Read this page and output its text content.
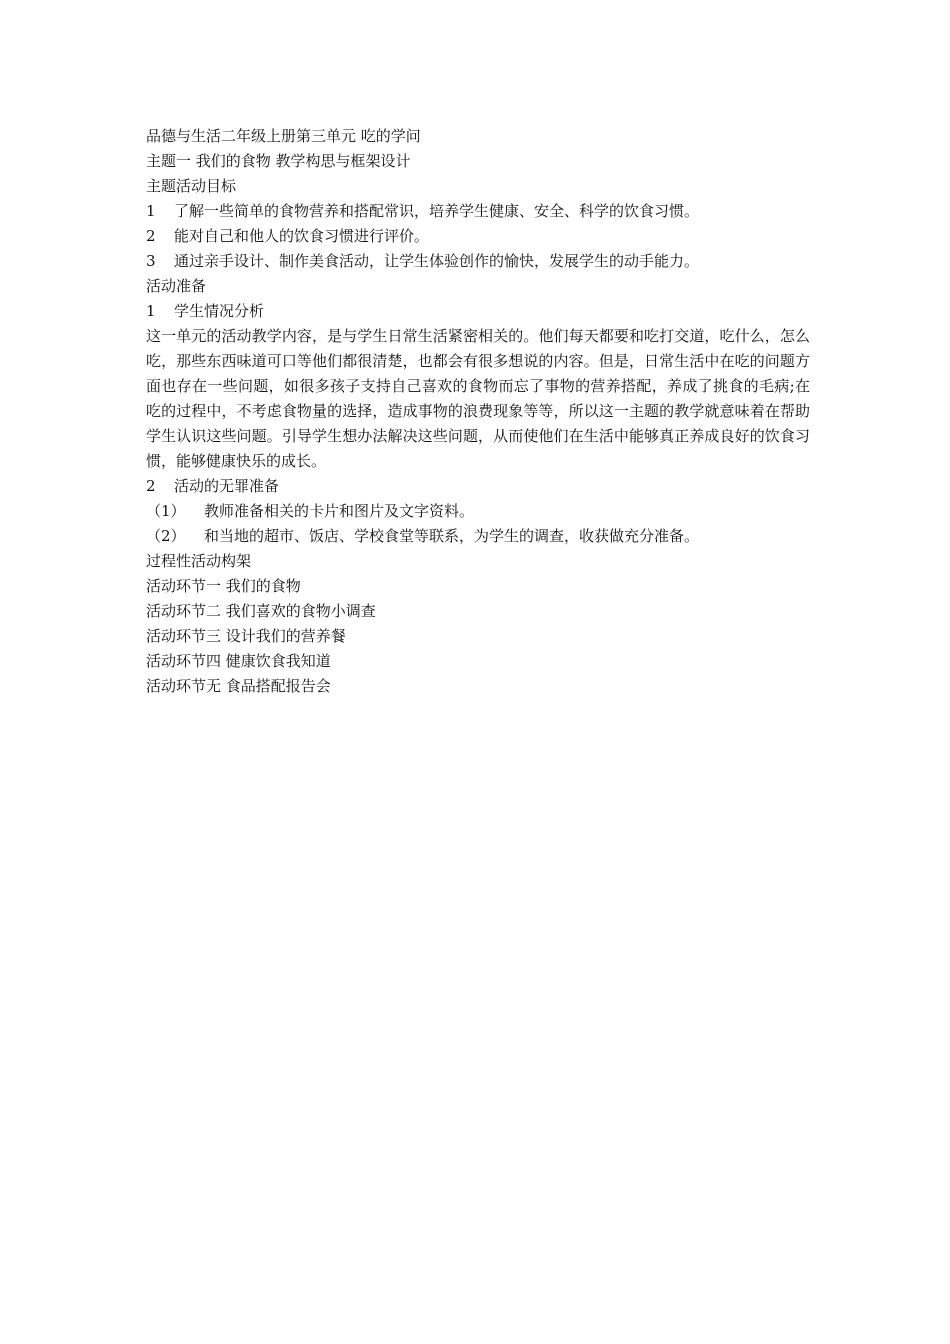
品德与生活二年级上册第三单元 吃的学问
主题一 我们的食物 教学构思与框架设计
主题活动目标
1 了解一些简单的食物营养和搭配常识，培养学生健康、安全、科学的饮食习惯。
2 能对自己和他人的饮食习惯进行评价。
3 通过亲手设计、制作美食活动，让学生体验创作的愉快，发展学生的动手能力。
活动准备
1 学生情况分析
这一单元的活动教学内容，是与学生日常生活紧密相关的。他们每天都要和吃打交道，吃什么，怎么吃，那些东西味道可口等他们都很清楚，也都会有很多想说的内容。但是，日常生活中在吃的问题方面也存在一些问题，如很多孩子支持自己喜欢的食物而忘了事物的营养搭配，养成了挑食的毛病;在吃的过程中，不考虑食物量的选择，造成事物的浪费现象等等，所以这一主题的教学就意味着在帮助学生认识这些问题。引导学生想办法解决这些问题，从而使他们在生活中能够真正养成良好的饮食习惯，能够健康快乐的成长。
2 活动的无罪准备
（1） 教师准备相关的卡片和图片及文字资料。
（2） 和当地的超市、饭店、学校食堂等联系，为学生的调查，收获做充分准备。
过程性活动构架
活动环节一 我们的食物
活动环节二 我们喜欢的食物小调查
活动环节三 设计我们的营养餐
活动环节四 健康饮食我知道
活动环节无 食品搭配报告会
